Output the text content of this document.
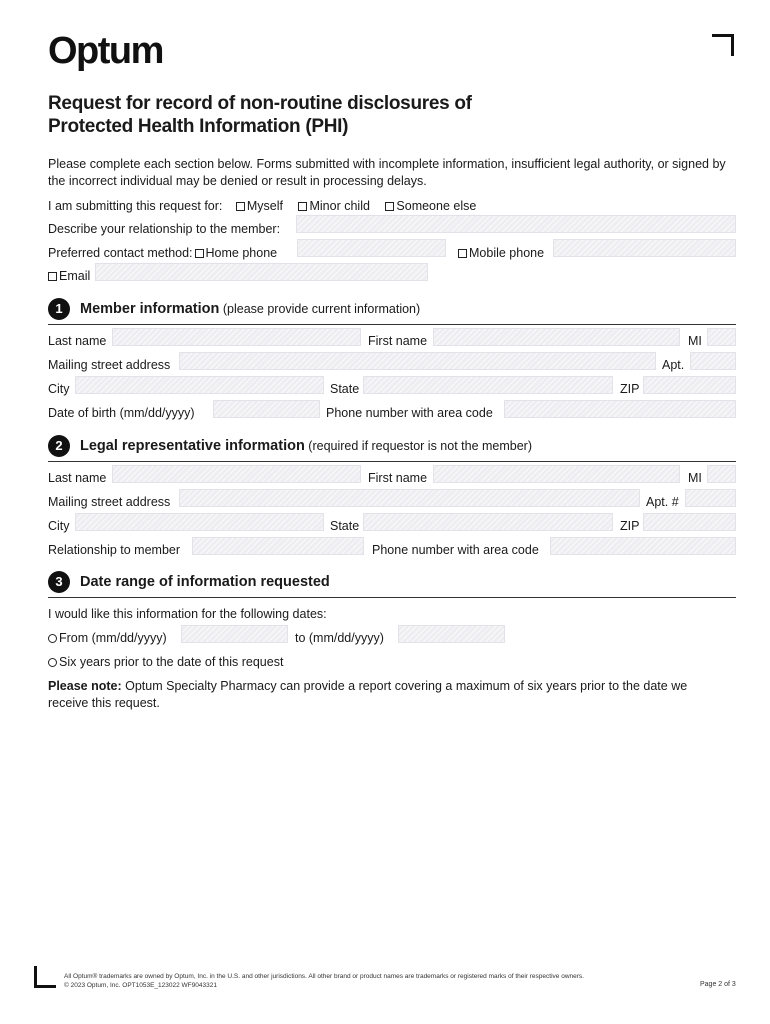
Optum
Request for record of non-routine disclosures of
Protected Health Information (PHI)
Please complete each section below. Forms submitted with incomplete information, insufficient legal authority, or signed by the incorrect individual may be denied or result in processing delays.
I am submitting this request for: Myself Minor child Someone else
Describe your relationship to the member:
Preferred contact method: Home phone	Mobile phone
Email
1	Member information (please provide current information)
Last name	First name	MI
Mailing street address	Apt.
City	State	ZIP
Date of birth (mm/dd/yyyy)	Phone number with area code
2	Legal representative information (required if requestor is not the member)
Last name	First name	MI
Mailing street address	Apt. #
City	State	ZIP
Relationship to member	Phone number with area code
3	Date range of information requested
I would like this information for the following dates:
From (mm/dd/yyyy)	to (mm/dd/yyyy)
Six years prior to the date of this request
Please note: Optum Specialty Pharmacy can provide a report covering a maximum of six years prior to the date we receive this request.
All Optum® trademarks are owned by Optum, Inc. in the U.S. and other jurisdictions. All other brand or product names are trademarks or registered marks of their respective owners.
© 2023 Optum, Inc. OPT1053E_123022 WF9043321	Page 2 of 3
